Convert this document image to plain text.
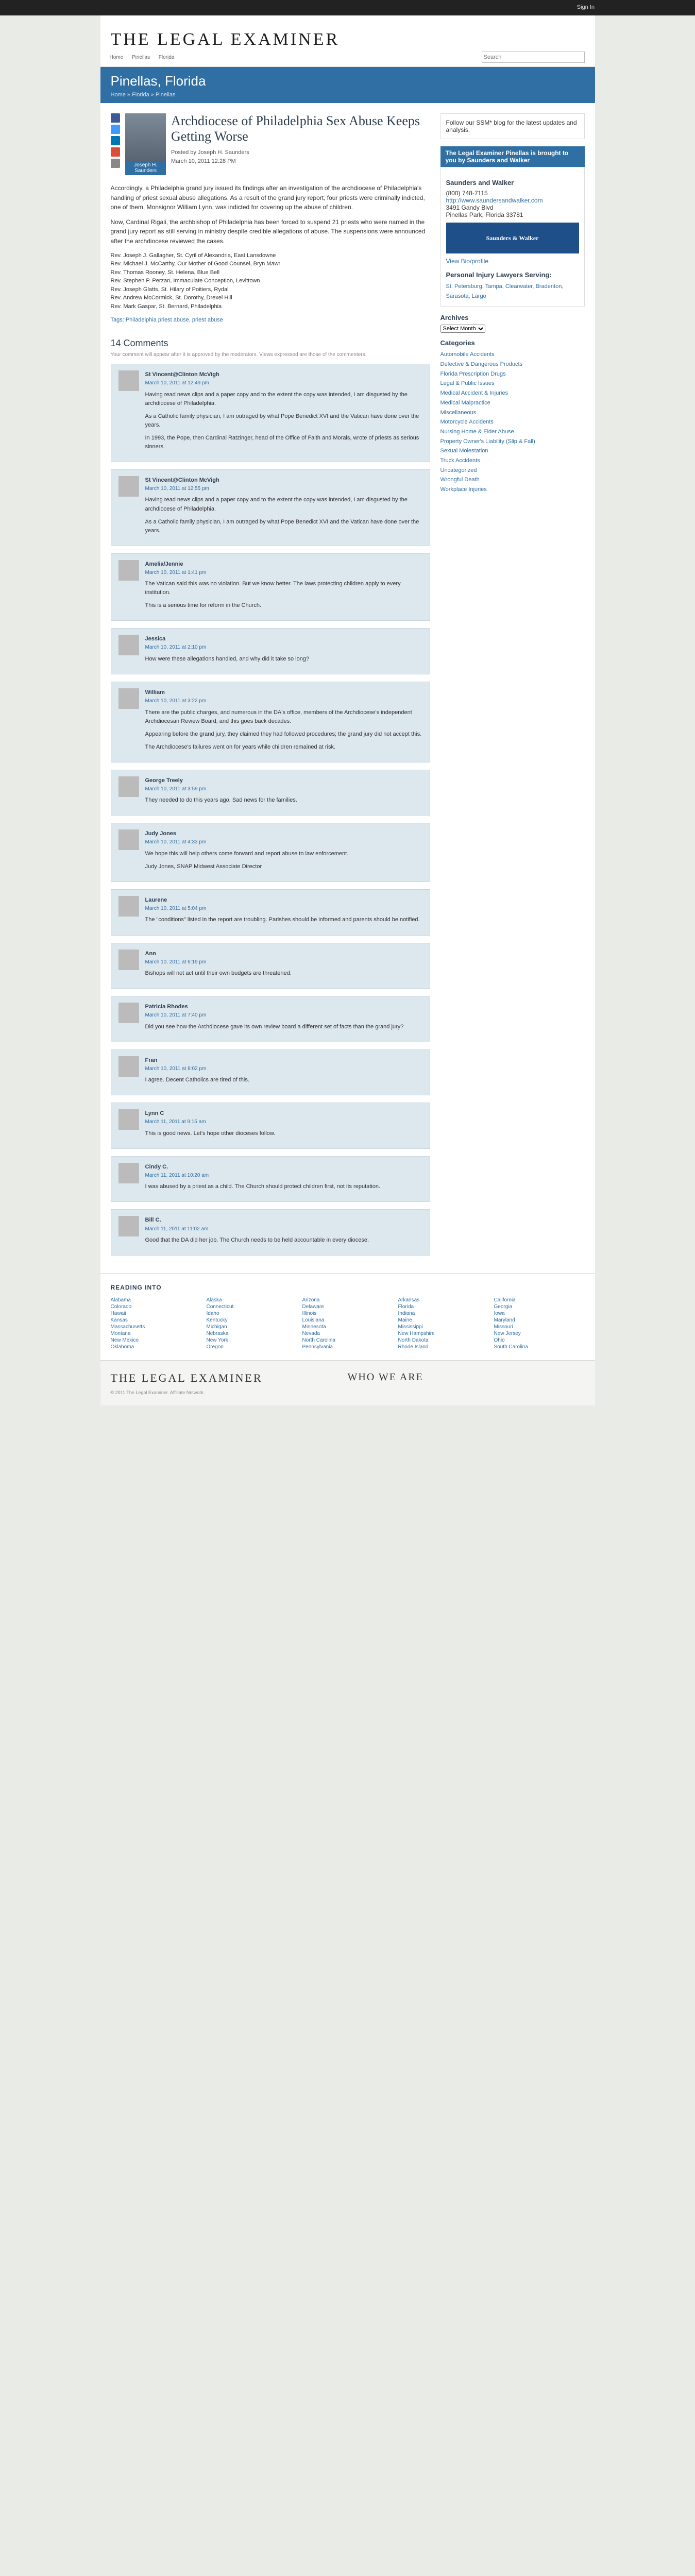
Sign In
THE LEGAL EXAMINER
Home Pinellas Florida
Search
Pinellas, Florida
Home » Florida » Pinellas
Joseph H. Saunders
Archdiocese of Philadelphia Sex Abuse Keeps Getting Worse
Posted by Joseph H. Saunders
March 10, 2011 12:28 PM

Accordingly, a Philadelphia grand jury issued its findings after an investigation of the archdiocese of Philadelphia's handling of priest sexual abuse allegations. As a result of the grand jury report, four priests were criminally indicted, one of them, Monsignor William Lynn, was indicted for covering up the abuse of children.

Now, Cardinal Rigali, the archbishop of Philadelphia has been forced to suspend 21 priests who were named in the grand jury report as still serving in ministry despite credible allegations of abuse. The suspensions were announced after the archdiocese reviewed the cases.

Rev. Joseph J. Gallagher, St. Cyril of Alexandria, East Lansdowne
Rev. Michael J. McCarthy, Our Mother of Good Counsel, Bryn Mawr
Rev. Thomas Rooney, St. Helena, Blue Bell
Rev. Stephen P. Perzan, Immaculate Conception, Levittown
Rev. Joseph Glatts, St. Hilary of Poitiers, Rydal
Rev. Andrew McCormick, St. Dorothy, Drexel Hill
Rev. Mark Gaspar, St. Bernard, Philadelphia
Tags: Philadelphia priest abuse, priest abuse
14 Comments
Your comment will appear after it is approved by the moderators. Views expressed are those of the commenters.
St Vincent@Clinton McVigh
March 10, 2011 at 12:49 pm

Having read news clips and a paper copy and to the extent the copy was intended, I am disgusted by the archdiocese of Philadelphia.

As a Catholic family physician, I am outraged by what Pope Benedict XVI and the Vatican have done over the years.

In 1993, the Pope, then Cardinal Ratzinger, head of the Office of Faith and Morals, wrote of priests as serious sinners.

St Vincent@Clinton McVigh
March 10, 2011 at 12:55 pm

Having read news clips and a paper copy and to the extent the copy was intended, I am disgusted by the archdiocese of Philadelphia.

As a Catholic family physician, I am outraged by what Pope Benedict XVI and the Vatican have done over the years.

Amelia/Jennie
March 10, 2011 at 1:41 pm

The Vatican said this was no violation. But we know better. The laws protecting children apply to every institution.

This is a serious time for reform in the Church.

Jessica
March 10, 2011 at 2:10 pm

How were these allegations handled, and why did it take so long?

William
March 10, 2011 at 3:22 pm

There are the public charges, and numerous in the DA's office, members of the Archdiocese's independent Archdiocesan Review Board, and this goes back decades.

Appearing before the grand jury, they claimed they had followed procedures; the grand jury did not accept this.

The Archdiocese's failures went on for years while children remained at risk.

George Treely
March 10, 2011 at 3:59 pm

They needed to do this years ago. Sad news for the families.

Judy Jones
March 10, 2011 at 4:33 pm

We hope this will help others come forward and report abuse to law enforcement.

Judy Jones, SNAP Midwest Associate Director

Laurene
March 10, 2011 at 5:04 pm

The "conditions" listed in the report are troubling. Parishes should be informed and parents should be notified.

Ann
March 10, 2011 at 6:19 pm

Bishops will not act until their own budgets are threatened.

Patricia Rhodes
March 10, 2011 at 7:40 pm

Did you see how the Archdiocese gave its own review board a different set of facts than the grand jury?

Fran
March 10, 2011 at 8:02 pm

I agree. Decent Catholics are tired of this.

Lynn C
March 11, 2011 at 9:15 am

This is good news. Let's hope other dioceses follow.

Cindy C.
March 11, 2011 at 10:20 am

I was abused by a priest as a child. The Church should protect children first, not its reputation.

Bill C.
March 11, 2011 at 11:02 am

Good that the DA did her job. The Church needs to be held accountable in every diocese.

Follow our SSM* blog for the latest updates and analysis.
The Legal Examiner Pinellas is brought to you by Saunders and Walker
Saunders and Walker
(800) 748-7115
http://www.saundersandwalker.com
3491 Gandy Blvd
Pinellas Park, Florida 33781
Saunders & Walker
View Bio/profile
Personal Injury Lawyers Serving:
St. Petersburg, Tampa, Clearwater, Bradenton, Sarasota, Largo
Archives
Select Month
Categories
Automobile Accidents
Defective & Dangerous Products
Florida Prescription Drugs
Legal & Public Issues
Medical Accident & Injuries
Medical Malpractice
Miscellaneous
Motorcycle Accidents
Nursing Home & Elder Abuse
Property Owner's Liability (Slip & Fall)
Sexual Molestation
Truck Accidents
Uncategorized
Wrongful Death
Workplace Injuries
READING INTO
Alabama	Alaska	Arizona	Arkansas	California
Colorado	Connecticut	Delaware	Florida	Georgia
Hawaii	Idaho	Illinois	Indiana	Iowa
Kansas	Kentucky	Louisiana	Maine	Maryland
Massachusetts	Michigan	Minnesota	Mississippi	Missouri
Montana	Nebraska	Nevada	New Hampshire	New Jersey
New Mexico	New York	North Carolina	North Dakota	Ohio
Oklahoma	Oregon	Pennsylvania	Rhode Island	South Carolina
THE LEGAL EXAMINER
© 2011 The Legal Examiner. Affiliate Network.
WHO WE ARE
